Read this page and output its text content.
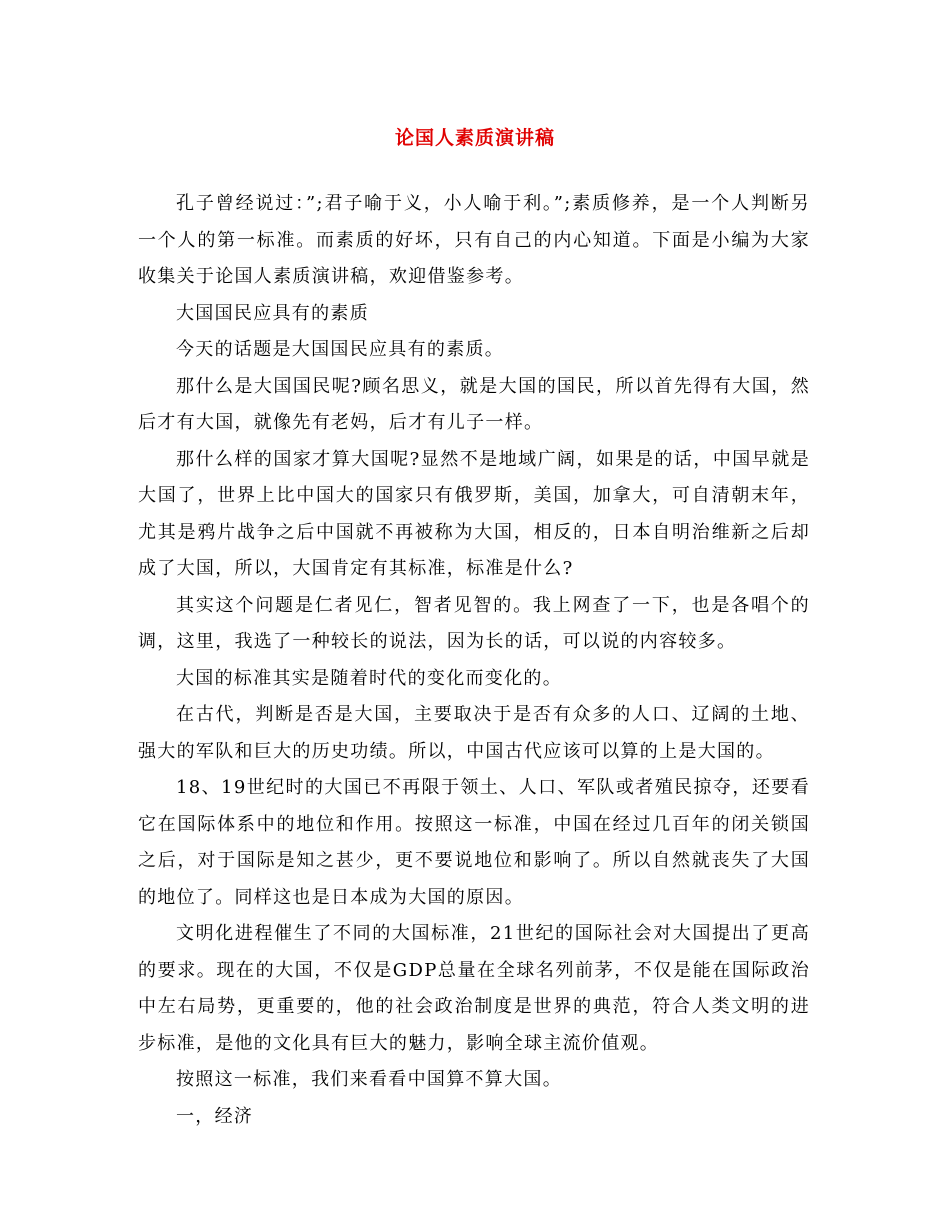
论国人素质演讲稿

孔子曾经说过：”;君子喻于义，小人喻于利。”;素质修养，是一个人判断另一个人的第一标准。而素质的好坏，只有自己的内心知道。下面是小编为大家收集关于论国人素质演讲稿，欢迎借鉴参考。

大国国民应具有的素质

今天的话题是大国国民应具有的素质。

那什么是大国国民呢?顾名思义，就是大国的国民，所以首先得有大国，然后才有大国，就像先有老妈，后才有儿子一样。

那什么样的国家才算大国呢?显然不是地域广阔，如果是的话，中国早就是大国了，世界上比中国大的国家只有俄罗斯，美国，加拿大，可自清朝末年，尤其是鸦片战争之后中国就不再被称为大国，相反的，日本自明治维新之后却成了大国，所以，大国肯定有其标准，标准是什么?

其实这个问题是仁者见仁，智者见智的。我上网查了一下，也是各唱个的调，这里，我选了一种较长的说法，因为长的话，可以说的内容较多。

大国的标准其实是随着时代的变化而变化的。

在古代，判断是否是大国，主要取决于是否有众多的人口、辽阔的土地、强大的军队和巨大的历史功绩。所以，中国古代应该可以算的上是大国的。

18、19世纪时的大国已不再限于领土、人口、军队或者殖民掠夺，还要看它在国际体系中的地位和作用。按照这一标准，中国在经过几百年的闭关锁国之后，对于国际是知之甚少，更不要说地位和影响了。所以自然就丧失了大国的地位了。同样这也是日本成为大国的原因。

文明化进程催生了不同的大国标准，21世纪的国际社会对大国提出了更高的要求。现在的大国，不仅是GDP总量在全球名列前茅，不仅是能在国际政治中左右局势，更重要的，他的社会政治制度是世界的典范，符合人类文明的进步标准，是他的文化具有巨大的魅力，影响全球主流价值观。

按照这一标准，我们来看看中国算不算大国。

一，经济
